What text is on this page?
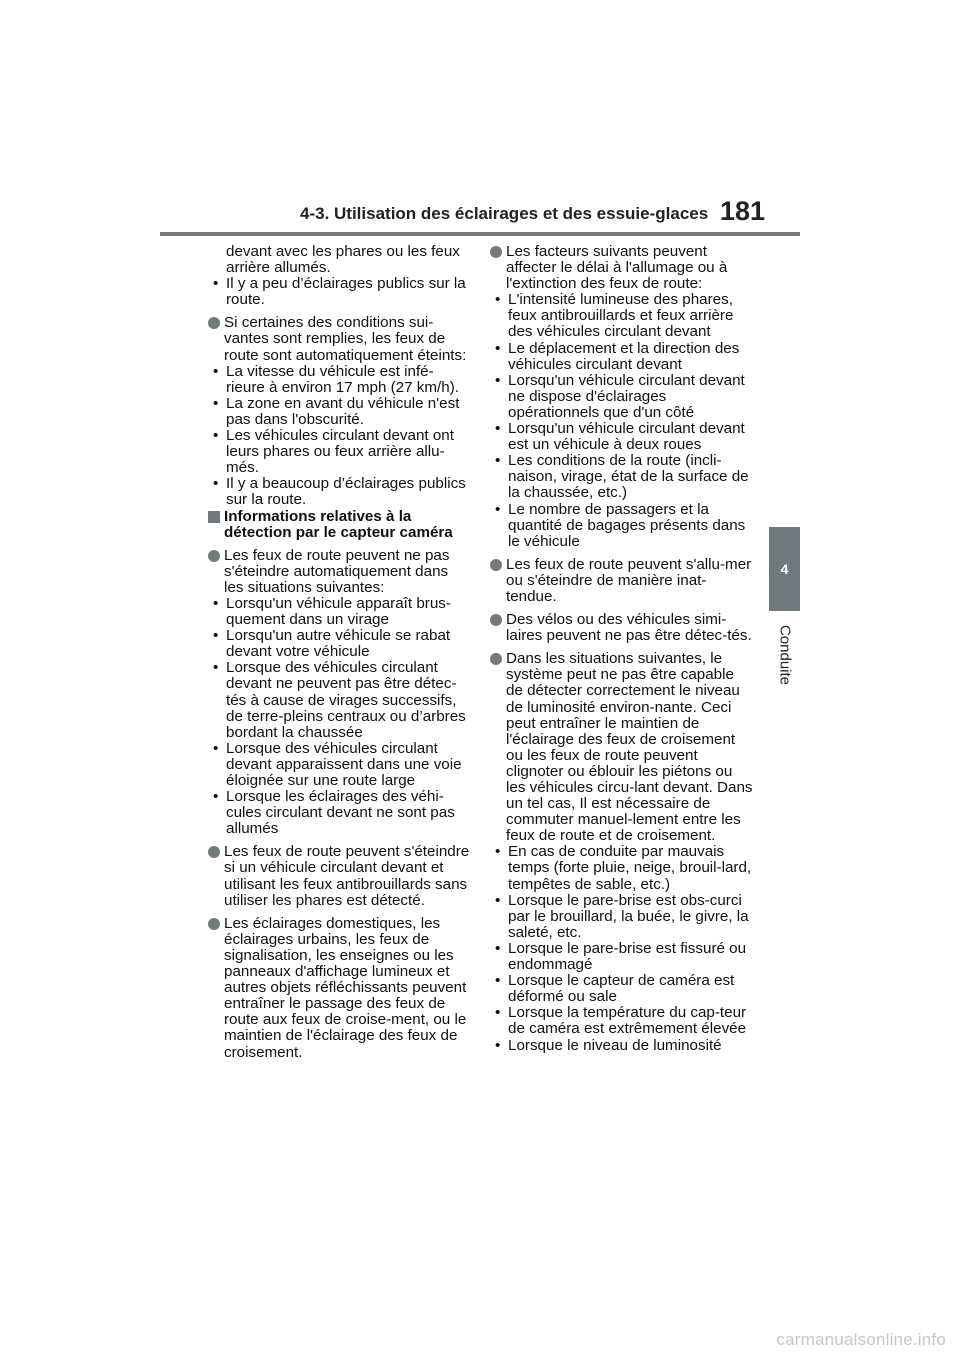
4-3. Utilisation des éclairages et des essuie-glaces 181
4
Conduite

devant avec les phares ou les feux arrière allumés.

• Il y a peu d’éclairages publics sur la route.

Si certaines des conditions sui-vantes sont remplies, les feux de route sont automatiquement éteints:

• La vitesse du véhicule est infé-rieure à environ 17 mph (27 km/h).

• La zone en avant du véhicule n'est pas dans l'obscurité.

• Les véhicules circulant devant ont leurs phares ou feux arrière allu-més.

• Il y a beaucoup d’éclairages publics sur la route.

Informations relatives à la détection par le capteur caméra
Les feux de route peuvent ne pas s'éteindre automatiquement dans les situations suivantes:

• Lorsqu'un véhicule apparaît brus-quement dans un virage

• Lorsqu'un autre véhicule se rabat devant votre véhicule

• Lorsque des véhicules circulant devant ne peuvent pas être détec-tés à cause de virages successifs, de terre-pleins centraux ou d’arbres bordant la chaussée

• Lorsque des véhicules circulant devant apparaissent dans une voie éloignée sur une route large

• Lorsque les éclairages des véhi-cules circulant devant ne sont pas allumés

Les feux de route peuvent s'éteindre si un véhicule circulant devant et utilisant les feux antibrouillards sans utiliser les phares est détecté.
Les éclairages domestiques, les éclairages urbains, les feux de signalisation, les enseignes ou les panneaux d'affichage lumineux et autres objets réfléchissants peuvent entraîner le passage des feux de route aux feux de croise-ment, ou le maintien de l'éclairage des feux de croisement.
Les facteurs suivants peuvent affecter le délai à l'allumage ou à l'extinction des feux de route:

• L'intensité lumineuse des phares, feux antibrouillards et feux arrière des véhicules circulant devant

• Le déplacement et la direction des véhicules circulant devant

• Lorsqu'un véhicule circulant devant ne dispose d'éclairages opérationnels que d'un côté

• Lorsqu'un véhicule circulant devant est un véhicule à deux roues

• Les conditions de la route (incli-naison, virage, état de la surface de la chaussée, etc.)

• Le nombre de passagers et la quantité de bagages présents dans le véhicule

Les feux de route peuvent s'allu-mer ou s'éteindre de manière inat-tendue.
Des vélos ou des véhicules simi-laires peuvent ne pas être détec-tés.
Dans les situations suivantes, le système peut ne pas être capable de détecter correctement le niveau de luminosité environ-nante. Ceci peut entraîner le maintien de l'éclairage des feux de croisement ou les feux de route peuvent clignoter ou éblouir les piétons ou les véhicules circu-lant devant. Dans un tel cas, Il est nécessaire de commuter manuel-lement entre les feux de route et de croisement.

• En cas de conduite par mauvais temps (forte pluie, neige, brouil-lard, tempêtes de sable, etc.)

• Lorsque le pare-brise est obs-curci par le brouillard, la buée, le givre, la saleté, etc.

• Lorsque le pare-brise est fissuré ou endommagé

• Lorsque le capteur de caméra est déformé ou sale

• Lorsque la température du cap-teur de caméra est extrêmement élevée

• Lorsque le niveau de luminosité

carmanualsonline.info
